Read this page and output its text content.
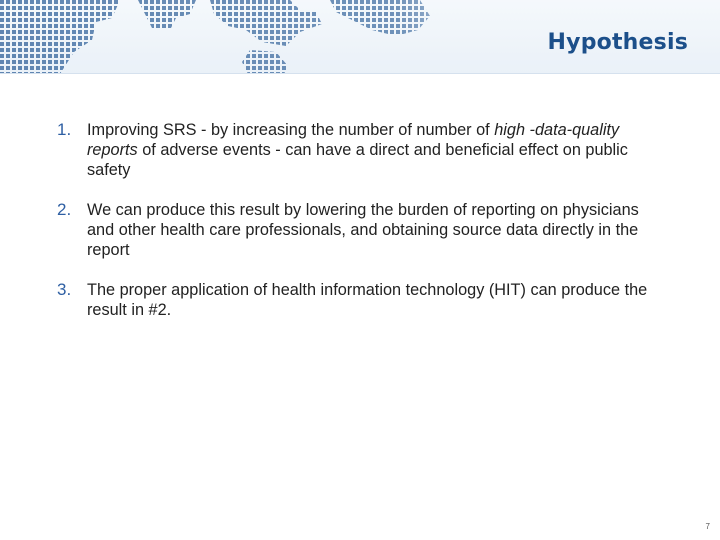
Hypothesis
1. Improving SRS - by increasing the number of number of high -data-quality reports of adverse events - can have a direct and beneficial effect on public safety
2. We can produce this result by lowering the burden of reporting on physicians and other health care professionals, and obtaining source data directly in the report
3. The proper application of health information technology (HIT) can produce the result in #2.
7
